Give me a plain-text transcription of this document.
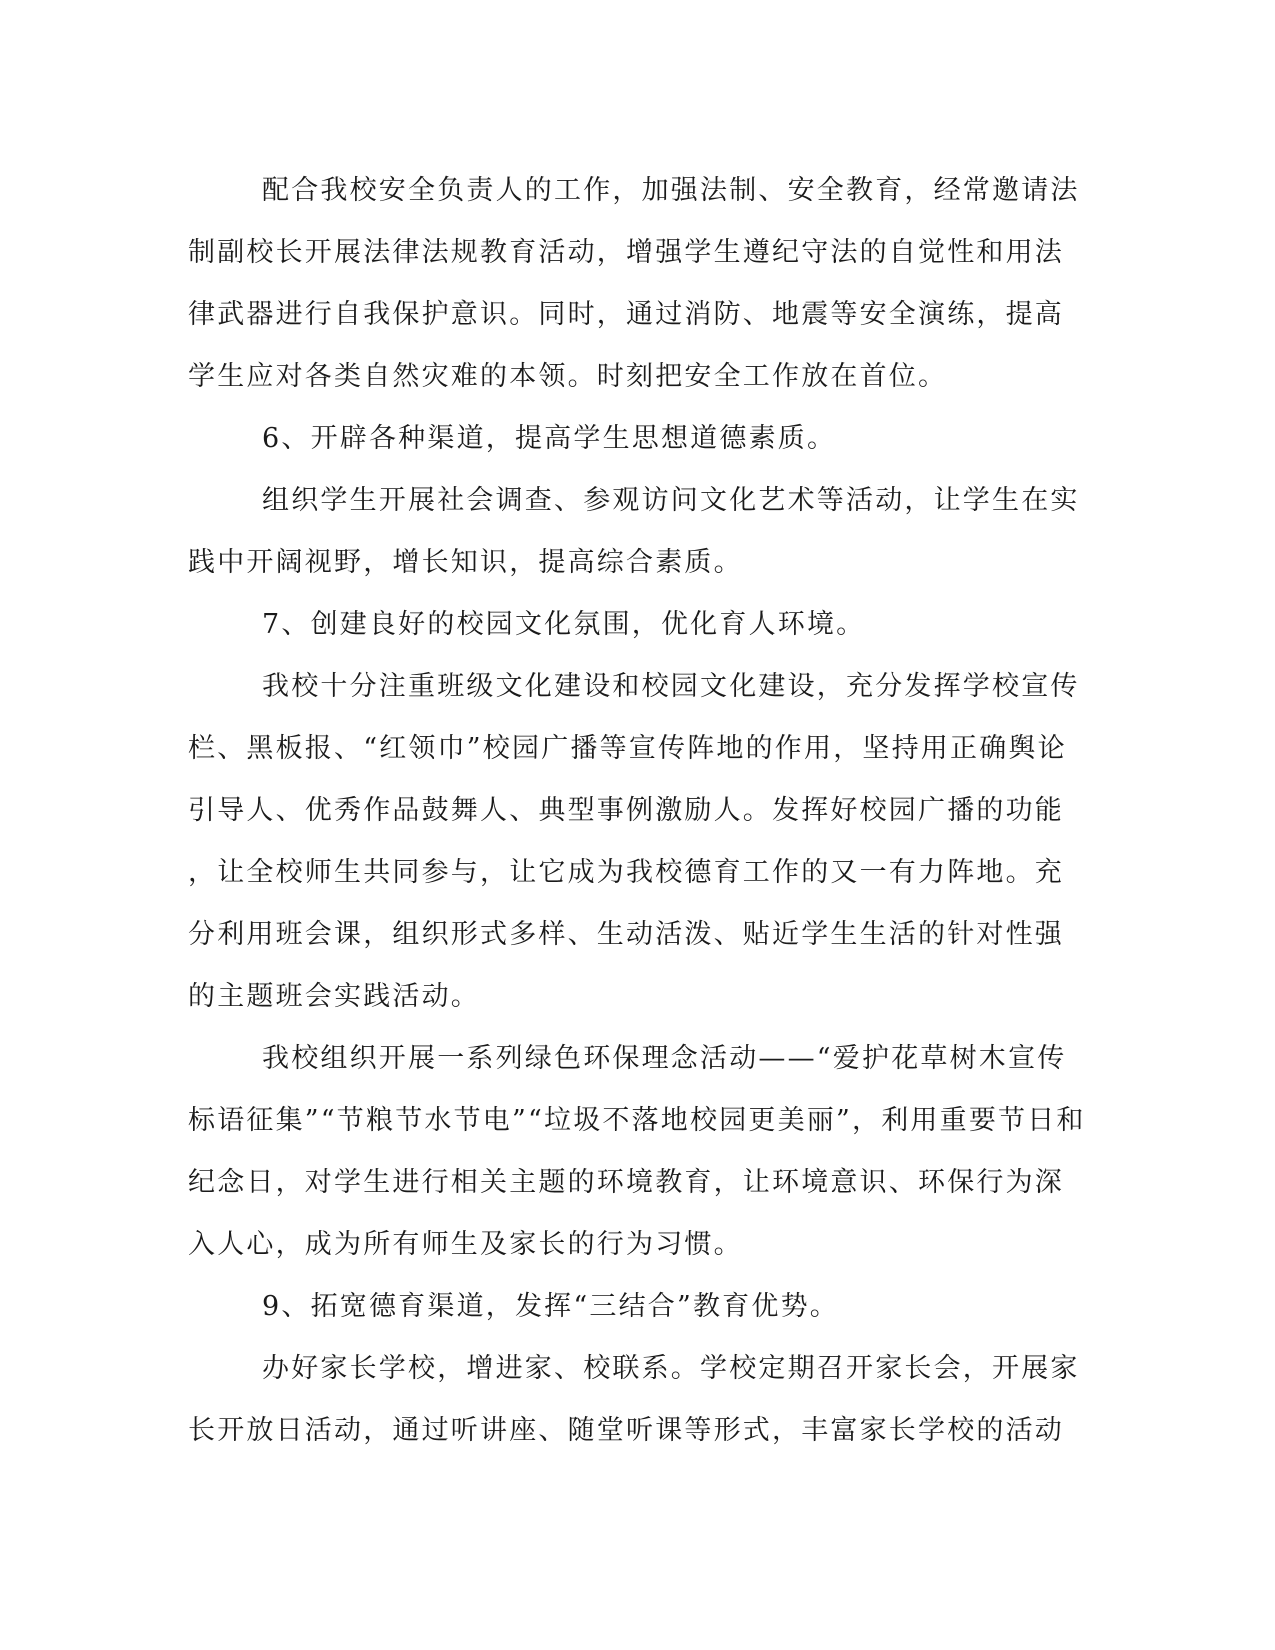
配合我校安全负责人的工作，加强法制、安全教育，经常邀请法
制副校长开展法律法规教育活动，增强学生遵纪守法的自觉性和用法
律武器进行自我保护意识。同时，通过消防、地震等安全演练，提高
学生应对各类自然灾难的本领。时刻把安全工作放在首位。
6、开辟各种渠道，提高学生思想道德素质。
组织学生开展社会调查、参观访问文化艺术等活动，让学生在实
践中开阔视野，增长知识，提高综合素质。
7、创建良好的校园文化氛围，优化育人环境。
我校十分注重班级文化建设和校园文化建设，充分发挥学校宣传
栏、黑板报、“红领巾”校园广播等宣传阵地的作用，坚持用正确舆论
引导人、优秀作品鼓舞人、典型事例激励人。发挥好校园广播的功能
，让全校师生共同参与，让它成为我校德育工作的又一有力阵地。充
分利用班会课，组织形式多样、生动活泼、贴近学生生活的针对性强
的主题班会实践活动。
我校组织开展一系列绿色环保理念活动——“爱护花草树木宣传
标语征集”“节粮节水节电”“垃圾不落地校园更美丽”，利用重要节日和
纪念日，对学生进行相关主题的环境教育，让环境意识、环保行为深
入人心，成为所有师生及家长的行为习惯。
9、拓宽德育渠道，发挥“三结合”教育优势。
办好家长学校，增进家、校联系。学校定期召开家长会，开展家
长开放日活动，通过听讲座、随堂听课等形式，丰富家长学校的活动
